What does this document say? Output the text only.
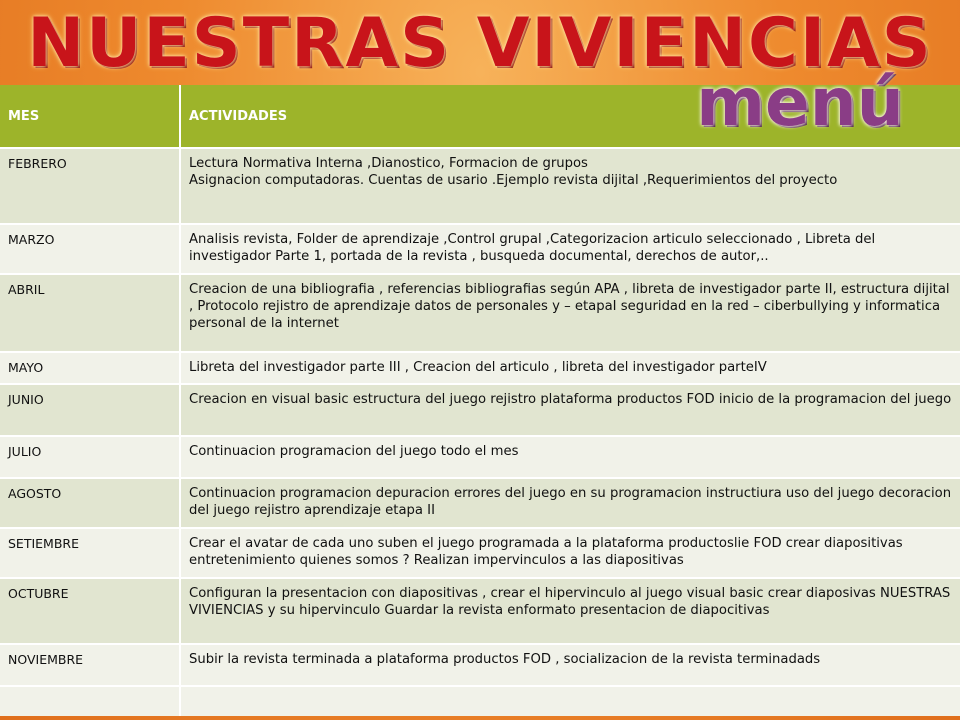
NUESTRAS VIVIENCIAS
menú
MES	ACTIVIDADES
FEBRERO	Lectura Normativa Interna ,Dianostico, Formacion de grupos
Asignacion computadoras. Cuentas de usario .Ejemplo revista dijital ,Requerimientos del proyecto

MARZO	Analisis revista, Folder de aprendizaje ,Control grupal ,Categorizacion articulo seleccionado , Libreta del investigador Parte 1, portada de la revista , busqueda documental, derechos de autor,..

ABRIL	Creacion de una bibliografia , referencias bibliografias según APA , libreta de investigador parte II, estructura dijital , Protocolo rejistro de aprendizaje datos de personales y – etapaI seguridad en la red – ciberbullying y informatica personal de la internet

MAYO	Libreta del investigador parte III , Creacion del articulo , libreta del investigador parteIV

JUNIO	Creacion en visual basic estructura del juego rejistro plataforma productos FOD inicio de la programacion del juego

JULIO	Continuacion programacion del juego todo el mes

AGOSTO	Continuacion programacion depuracion errores del juego en su programacion instructiura uso del juego decoracion del juego rejistro aprendizaje etapa II

SETIEMBRE	Crear el avatar de cada uno suben el juego programada a la plataforma productoslie FOD crear diapositivas entretenimiento quienes somos ? Realizan impervinculos a las diapositivas

OCTUBRE	Configuran la presentacion con diapositivas , crear el hipervinculo al juego visual basic crear diaposivas NUESTRAS VIVIENCIAS y su hipervinculo Guardar la revista enformato presentacion de diapocitivas

NOVIEMBRE	Subir la revista terminada a plataforma productos FOD , socializacion de la revista terminadads
